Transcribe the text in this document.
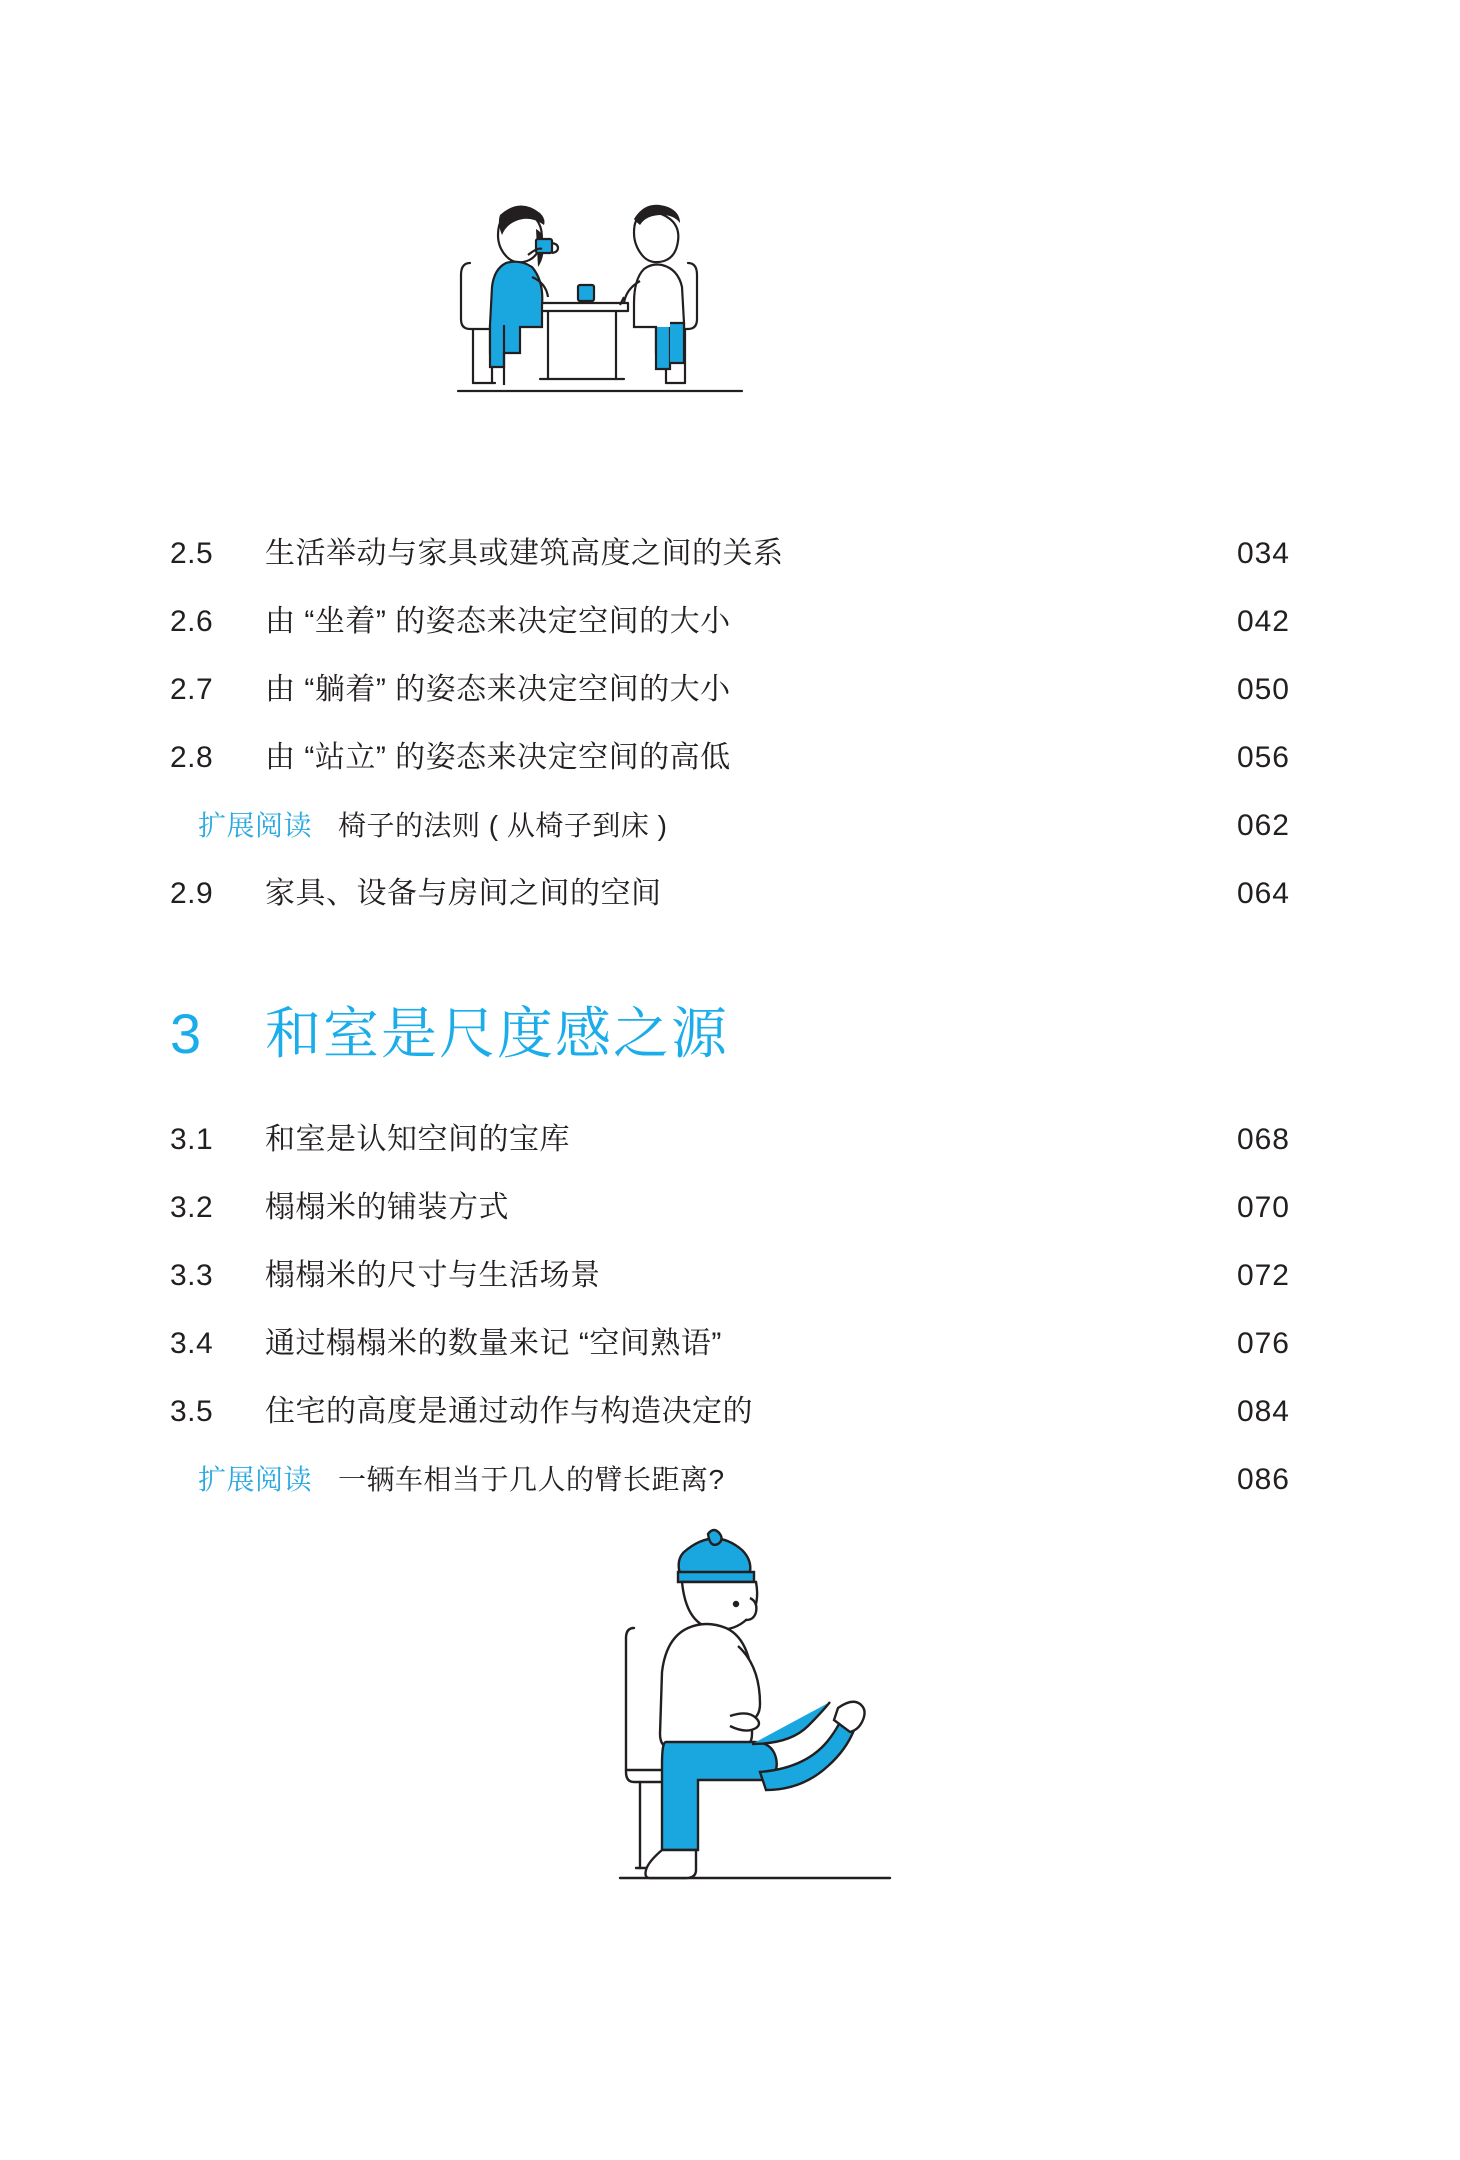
2.5	生活举动与家具或建筑高度之间的关系	034
2.6	由 “坐着” 的姿态来决定空间的大小	042
2.7	由 “躺着” 的姿态来决定空间的大小	050
2.8	由 “站立” 的姿态来决定空间的高低	056
扩展阅读 椅子的法则 ( 从椅子到床 )	062
2.9	家具、设备与房间之间的空间	064
3	和室是尺度感之源
3.1	和室是认知空间的宝库	068
3.2	榻榻米的铺装方式	070
3.3	榻榻米的尺寸与生活场景	072
3.4	通过榻榻米的数量来记 “空间熟语”	076
3.5	住宅的高度是通过动作与构造决定的	084
扩展阅读 一辆车相当于几人的臂长距离?	086
